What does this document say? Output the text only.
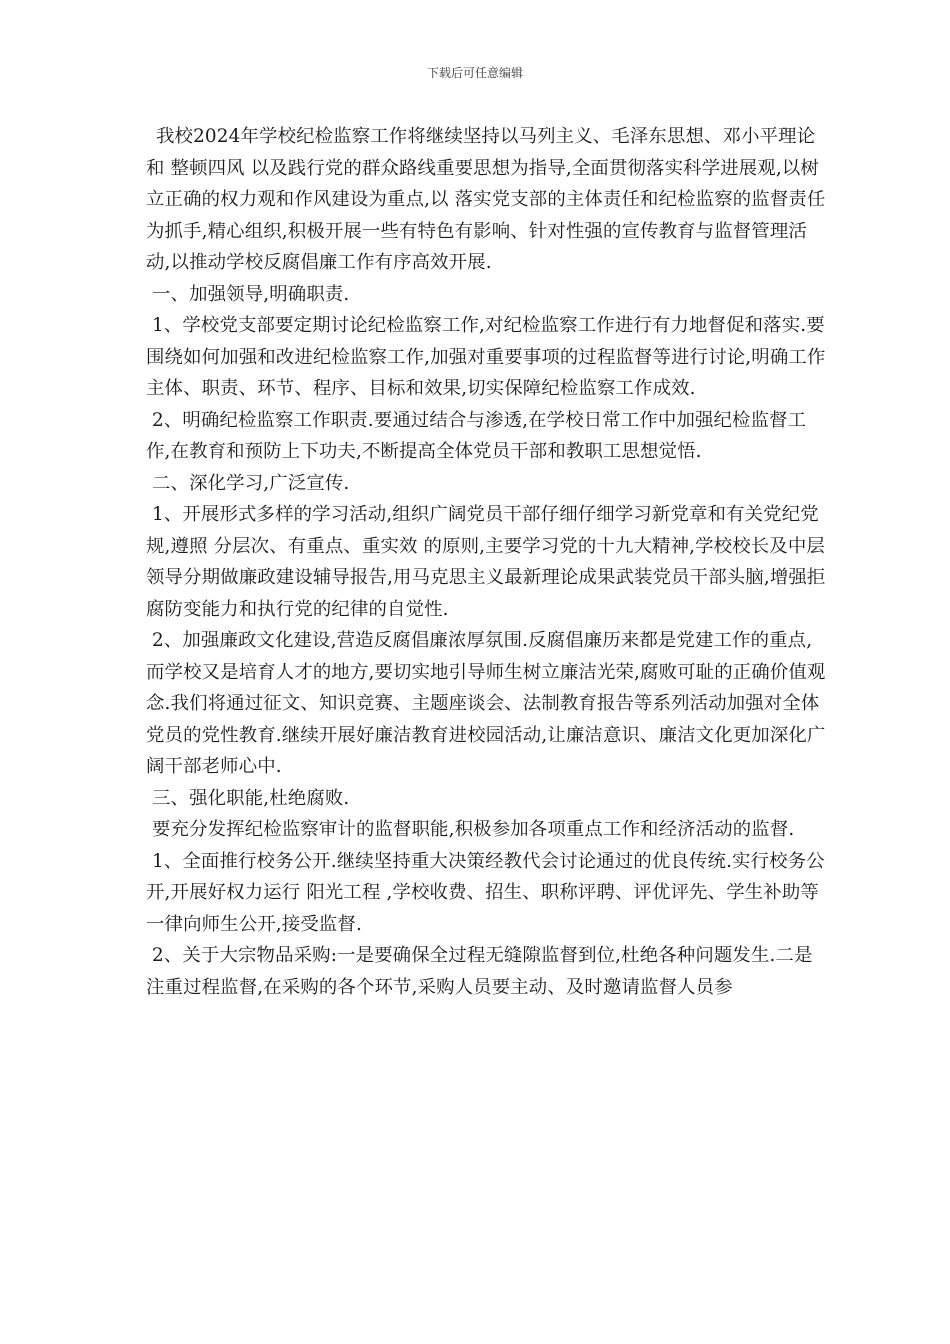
下载后可任意编辑

我校2024年学校纪检监察工作将继续坚持以马列主义、毛泽东思想、邓小平理论和 整顿四风 以及践行党的群众路线重要思想为指导,全面贯彻落实科学进展观,以树立正确的权力观和作风建设为重点,以 落实党支部的主体责任和纪检监察的监督责任 为抓手,精心组织,积极开展一些有特色有影响、针对性强的宣传教育与监督管理活动,以推动学校反腐倡廉工作有序高效开展.

一、加强领导,明确职责.

1、学校党支部要定期讨论纪检监察工作,对纪检监察工作进行有力地督促和落实.要围绕如何加强和改进纪检监察工作,加强对重要事项的过程监督等进行讨论,明确工作主体、职责、环节、程序、目标和效果,切实保障纪检监察工作成效.

2、明确纪检监察工作职责.要通过结合与渗透,在学校日常工作中加强纪检监督工作,在教育和预防上下功夫,不断提高全体党员干部和教职工思想觉悟.

二、深化学习,广泛宣传.

1、开展形式多样的学习活动,组织广阔党员干部仔细仔细学习新党章和有关党纪党规,遵照 分层次、有重点、重实效 的原则,主要学习党的十九大精神,学校校长及中层领导分期做廉政建设辅导报告,用马克思主义最新理论成果武装党员干部头脑,增强拒腐防变能力和执行党的纪律的自觉性.

2、加强廉政文化建设,营造反腐倡廉浓厚氛围.反腐倡廉历来都是党建工作的重点,而学校又是培育人才的地方,要切实地引导师生树立廉洁光荣,腐败可耻的正确价值观念.我们将通过征文、知识竞赛、主题座谈会、法制教育报告等系列活动加强对全体党员的党性教育.继续开展好廉洁教育进校园活动,让廉洁意识、廉洁文化更加深化广阔干部老师心中.

三、强化职能,杜绝腐败.

要充分发挥纪检监察审计的监督职能,积极参加各项重点工作和经济活动的监督.

1、全面推行校务公开.继续坚持重大决策经教代会讨论通过的优良传统.实行校务公开,开展好权力运行 阳光工程 ,学校收费、招生、职称评聘、评优评先、学生补助等一律向师生公开,接受监督.

2、关于大宗物品采购:一是要确保全过程无缝隙监督到位,杜绝各种问题发生.二是注重过程监督,在采购的各个环节,采购人员要主动、及时邀请监督人员参
